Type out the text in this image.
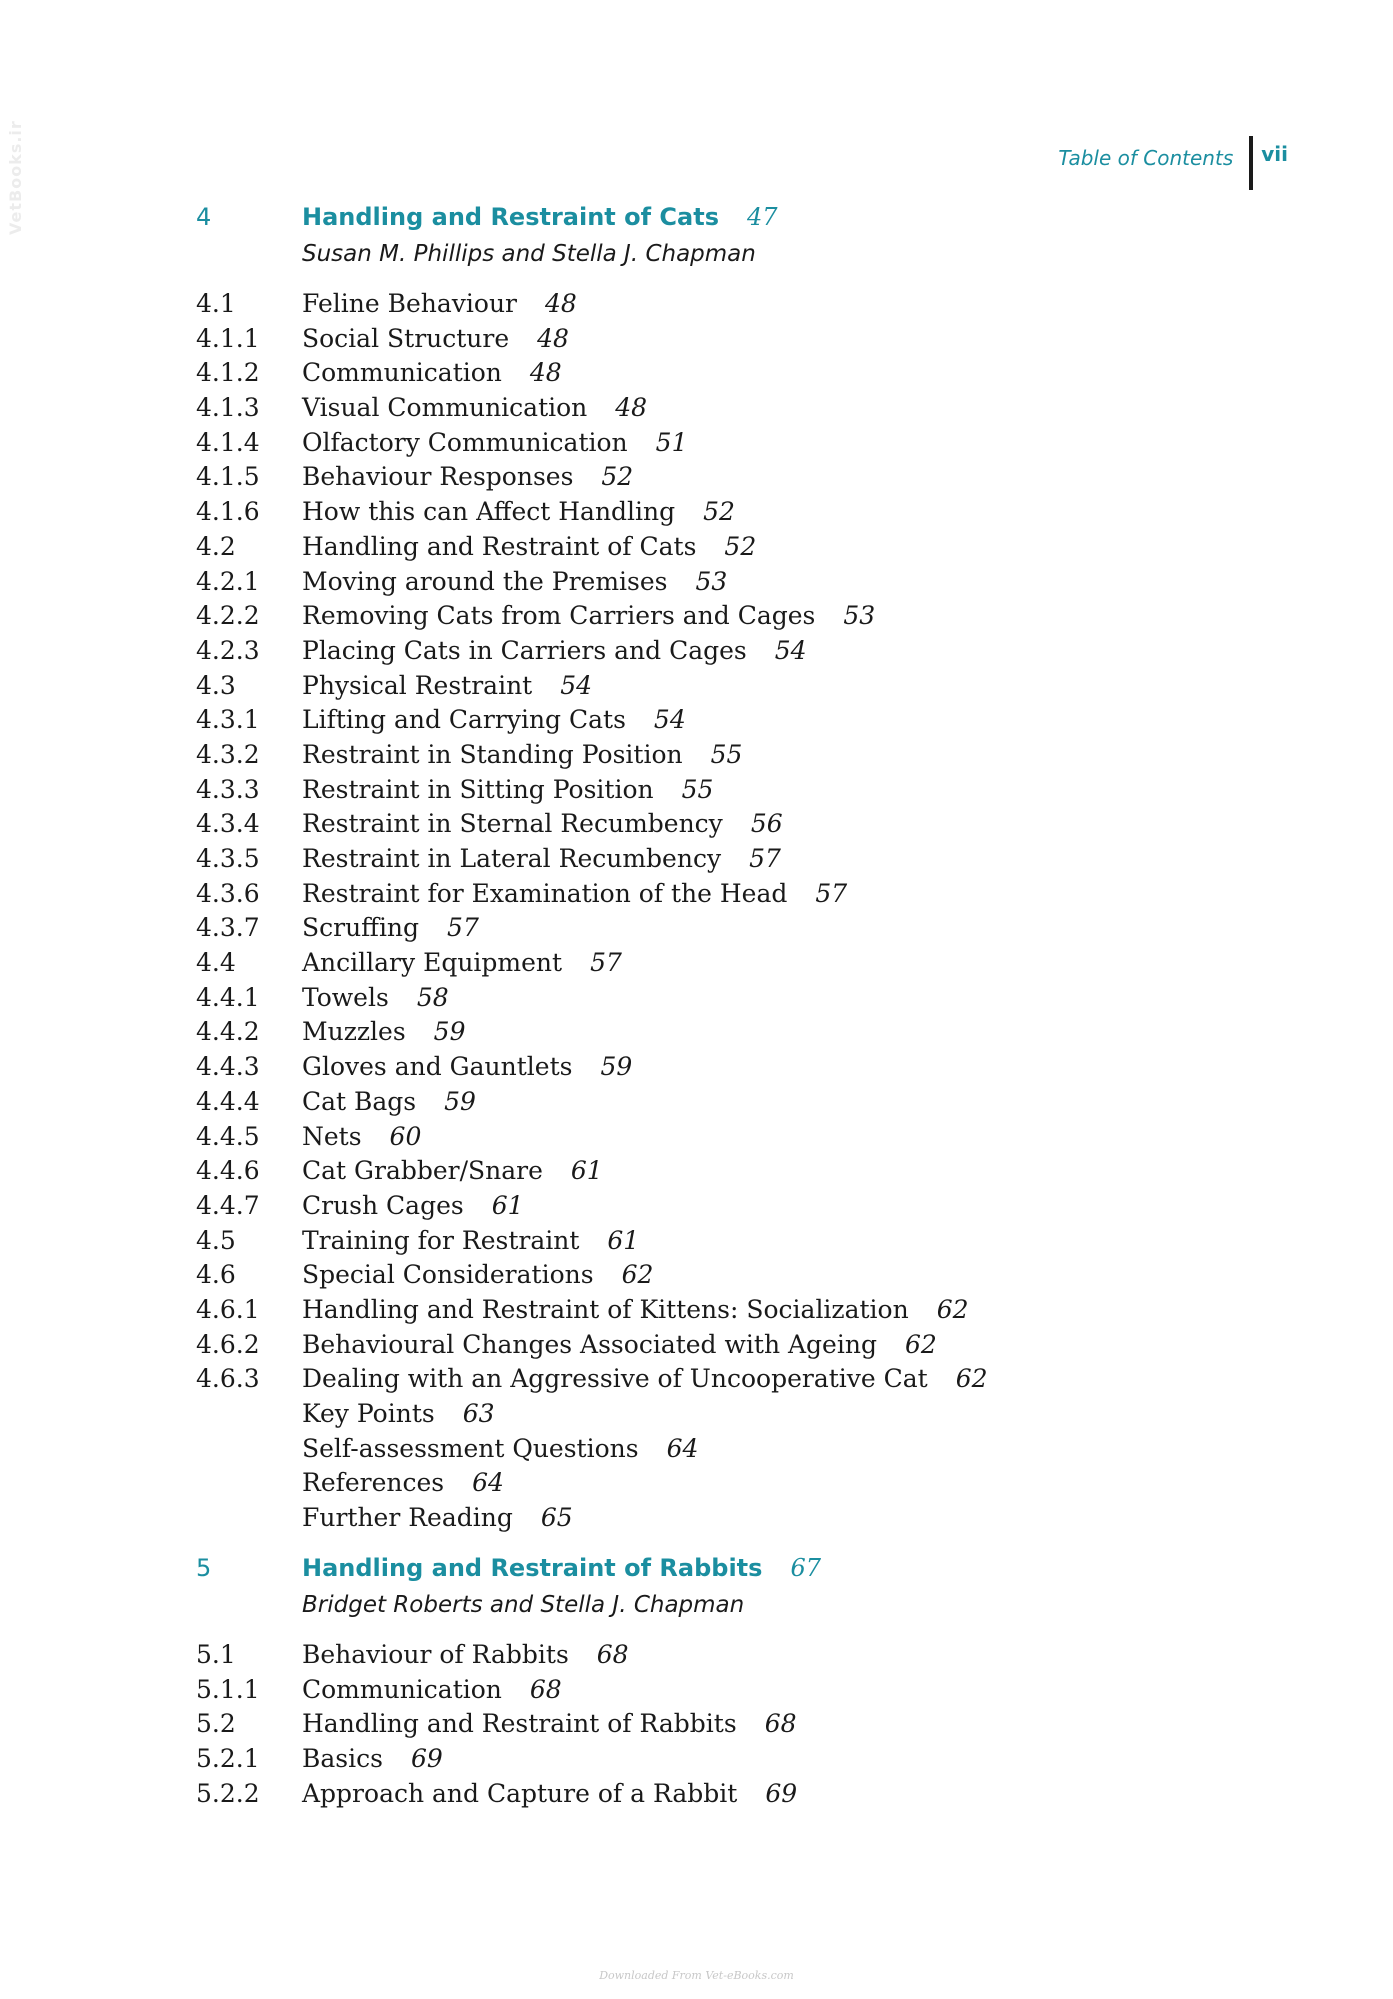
VetBooks.ir	Table of Contents vii
4	Handling and Restraint of Cats 47
Susan M. Phillips and Stella J. Chapman
4.1	Feline Behaviour 48
4.1.1	Social Structure 48
4.1.2	Communication 48
4.1.3	Visual Communication 48
4.1.4	Olfactory Communication 51
4.1.5	Behaviour Responses 52
4.1.6	How this can Affect Handling 52
4.2	Handling and Restraint of Cats 52
4.2.1	Moving around the Premises 53
4.2.2	Removing Cats from Carriers and Cages 53
4.2.3	Placing Cats in Carriers and Cages 54
4.3	Physical Restraint 54
4.3.1	Lifting and Carrying Cats 54
4.3.2	Restraint in Standing Position 55
4.3.3	Restraint in Sitting Position 55
4.3.4	Restraint in Sternal Recumbency 56
4.3.5	Restraint in Lateral Recumbency 57
4.3.6	Restraint for Examination of the Head 57
4.3.7	Scruffing 57
4.4	Ancillary Equipment 57
4.4.1	Towels 58
4.4.2	Muzzles 59
4.4.3	Gloves and Gauntlets 59
4.4.4	Cat Bags 59
4.4.5	Nets 60
4.4.6	Cat Grabber/Snare 61
4.4.7	Crush Cages 61
4.5	Training for Restraint 61
4.6	Special Considerations 62
4.6.1	Handling and Restraint of Kittens: Socialization 62
4.6.2	Behavioural Changes Associated with Ageing 62
4.6.3	Dealing with an Aggressive of Uncooperative Cat 62
Key Points 63
Self-assessment Questions 64
References 64
Further Reading 65
5	Handling and Restraint of Rabbits 67
Bridget Roberts and Stella J. Chapman
5.1	Behaviour of Rabbits 68
5.1.1	Communication 68
5.2	Handling and Restraint of Rabbits 68
5.2.1	Basics 69
5.2.2	Approach and Capture of a Rabbit 69
Downloaded From Vet-eBooks.com
